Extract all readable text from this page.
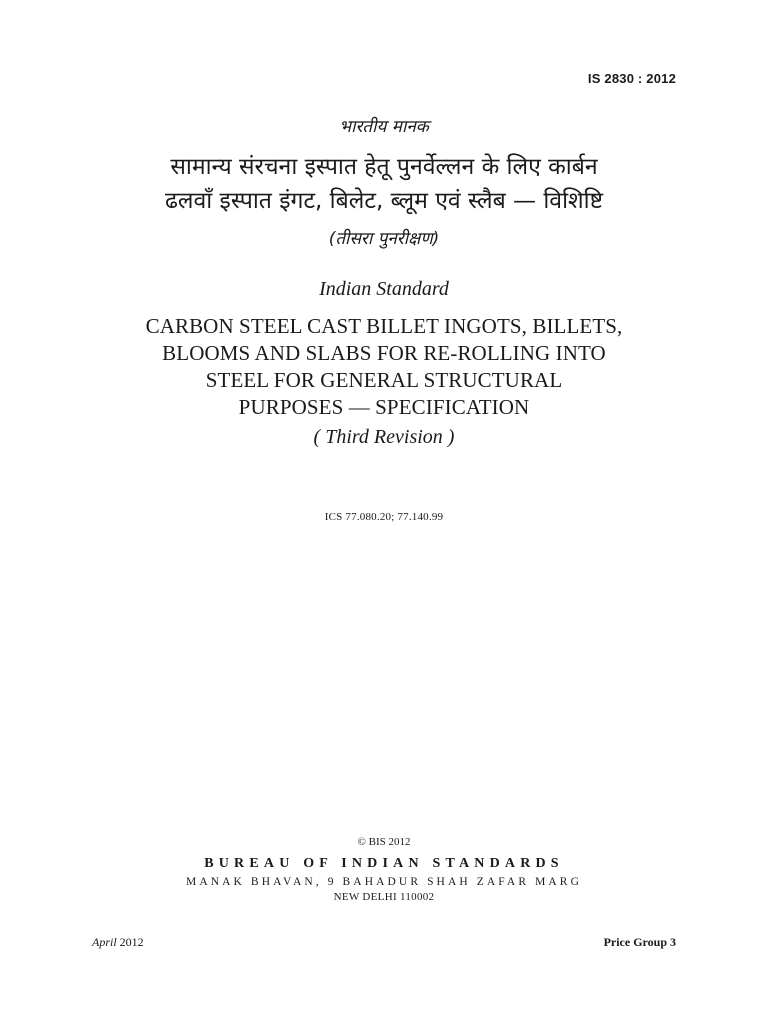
IS 2830 : 2012
भारतीय मानक
सामान्य संरचना इस्पात हेतू पुनर्वेल्लन के लिए कार्बन
ढलवाँ इस्पात इंगट, बिलेट, ब्लूम एवं स्लैब — विशिष्टि
(तीसरा पुनरीक्षण)
Indian Standard
CARBON STEEL CAST BILLET INGOTS, BILLETS,
BLOOMS AND SLABS FOR RE-ROLLING INTO
STEEL FOR GENERAL STRUCTURAL
PURPOSES — SPECIFICATION
( Third Revision )
ICS 77.080.20; 77.140.99
© BIS 2012
BUREAU OF INDIAN STANDARDS
MANAK BHAVAN, 9 BAHADUR SHAH ZAFAR MARG
NEW DELHI 110002
April 2012	Price Group 3
